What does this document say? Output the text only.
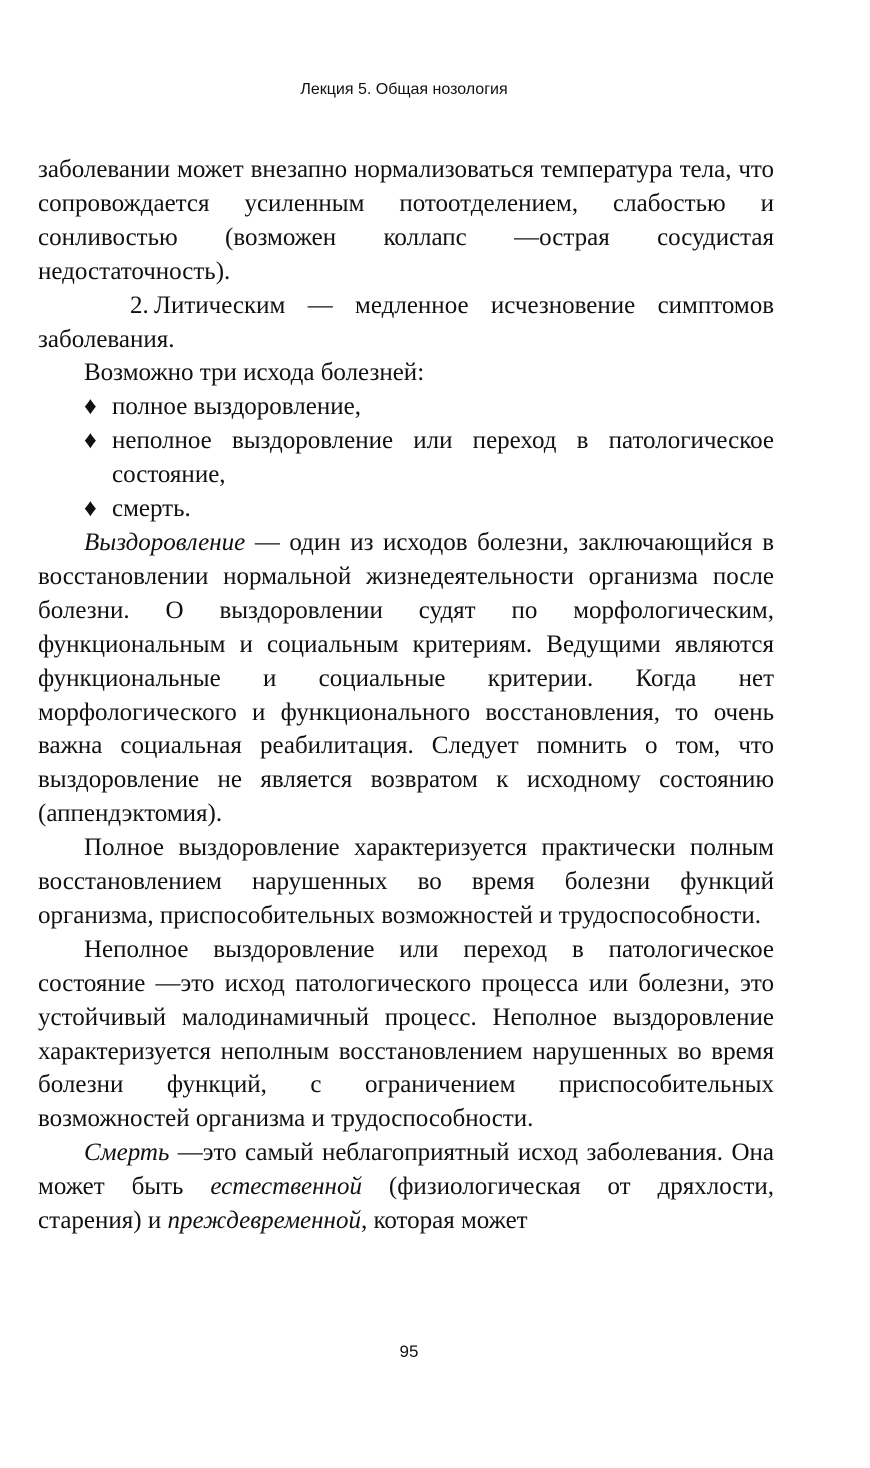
Лекция 5. Общая нозология

заболевании может внезапно нормализоваться температура тела, что сопровождается усиленным потоотделением, слабостью и сонливостью (возможен коллапс —острая сосудистая недостаточность).

2. Литическим — медленное исчезновение симптомов заболевания.

Возможно три исхода болезней:

♦ полное выздоровление,
♦ неполное выздоровление или переход в патологическое состояние,
♦ смерть.

Выздоровление — один из исходов болезни, заключающийся в восстановлении нормальной жизнедеятельности организма после болезни. О выздоровлении судят по морфологическим, функциональным и социальным критериям. Ведущими являются функциональные и социальные критерии. Когда нет морфологического и функционального восстановления, то очень важна социальная реабилитация. Следует помнить о том, что выздоровление не является возвратом к исходному состоянию (аппендэктомия).

Полное выздоровление характеризуется практически полным восстановлением нарушенных во время болезни функций организма, приспособительных возможностей и трудоспособности.

Неполное выздоровление или переход в патологическое состояние —это исход патологического процесса или болезни, это устойчивый малодинамичный процесс. Неполное выздоровление характеризуется неполным восстановлением нарушенных во время болезни функций, с ограничением приспособительных возможностей организма и трудоспособности.

Смерть —это самый неблагоприятный исход заболевания. Она может быть естественной (физиологическая от дряхлости, старения) и преждевременной, которая может

95
